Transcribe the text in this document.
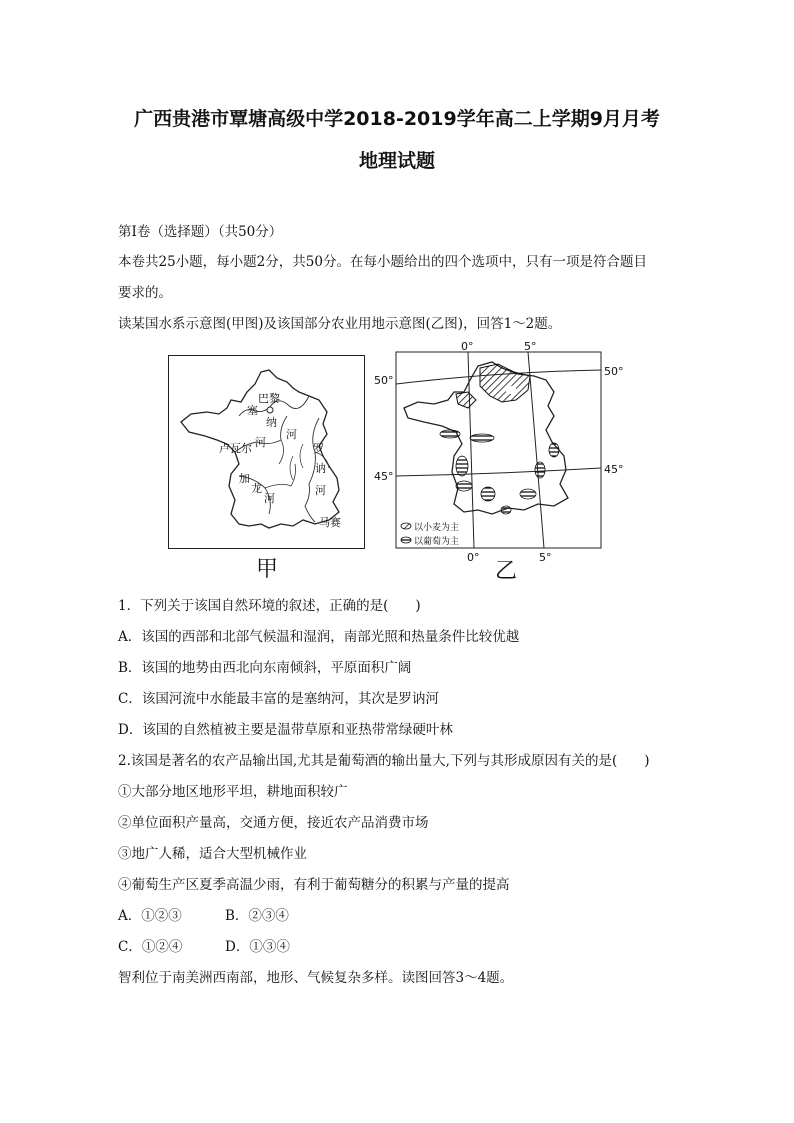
广西贵港市覃塘高级中学2018-2019学年高二上学期9月月考
地理试题
第Ⅰ卷（选择题）（共50分）
本卷共25小题，每小题2分，共50分。在每小题给出的四个选项中，只有一项是符合题目
要求的。
读某国水系示意图(甲图)及该国部分农业用地示意图(乙图)，回答1～2题。
巴黎
塞
纳
河
卢瓦尔 河	罗
讷
河
加
龙
河
马赛
甲
0°	5°
0°	5°
50°
50°
45°
45°
以小麦为主
以葡萄为主
乙
1．下列关于该国自然环境的叙述，正确的是(　　)
A．该国的西部和北部气候温和湿润，南部光照和热量条件比较优越
B．该国的地势由西北向东南倾斜，平原面积广阔
C．该国河流中水能最丰富的是塞纳河，其次是罗讷河
D．该国的自然植被主要是温带草原和亚热带常绿硬叶林
2.该国是著名的农产品输出国,尤其是葡萄酒的输出量大,下列与其形成原因有关的是(　　)
①大部分地区地形平坦，耕地面积较广
②单位面积产量高，交通方便，接近农产品消费市场
③地广人稀，适合大型机械作业
④葡萄生产区夏季高温少雨，有利于葡萄糖分的积累与产量的提高
A．①②③	B．②③④
C．①②④	D．①③④
智利位于南美洲西南部，地形、气候复杂多样。读图回答3～4题。
